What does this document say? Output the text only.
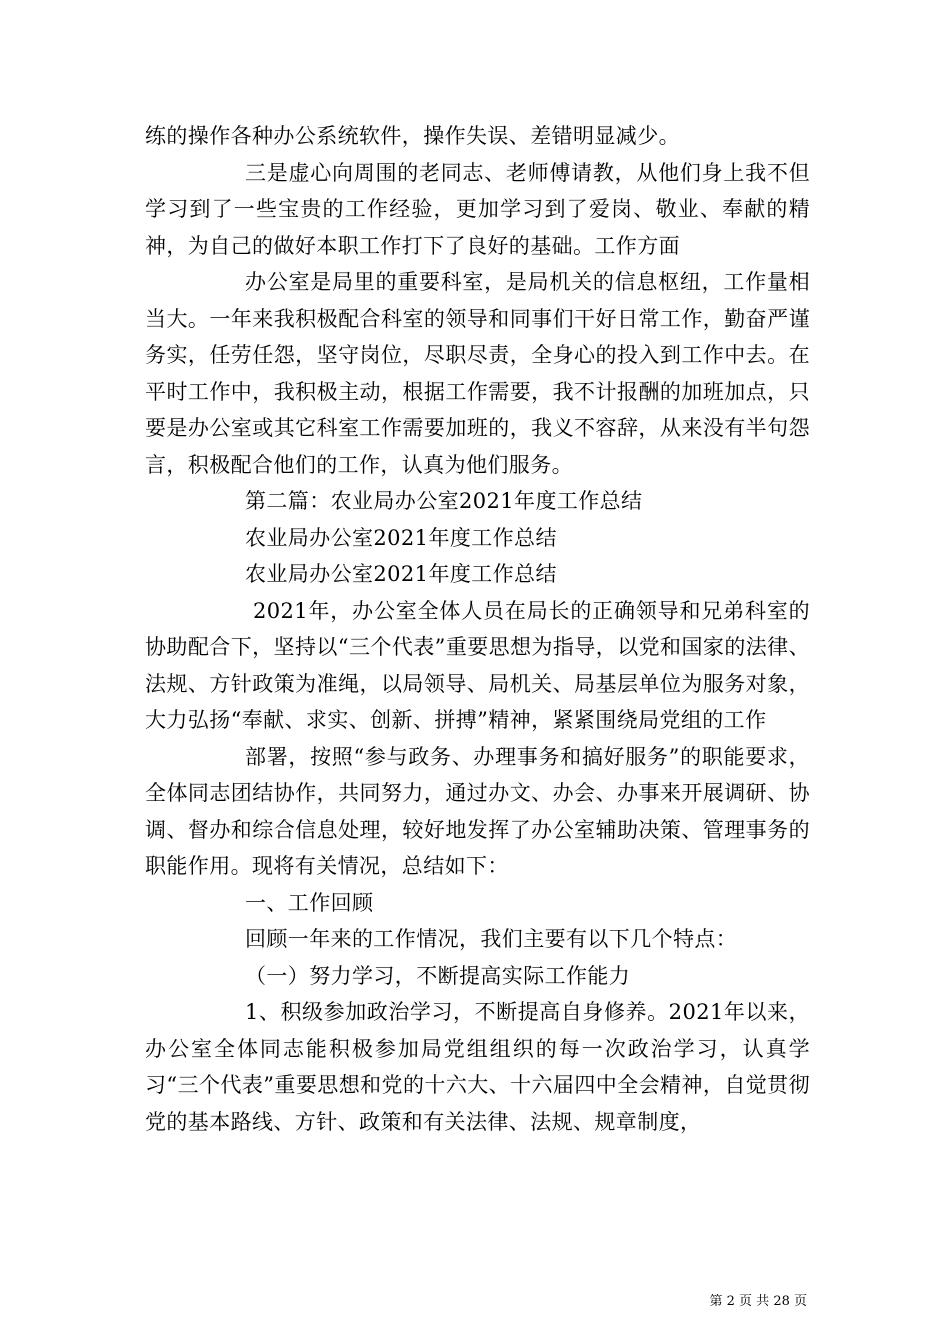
练的操作各种办公系统软件，操作失误、差错明显减少。

三是虚心向周围的老同志、老师傅请教，从他们身上我不但学习到了一些宝贵的工作经验，更加学习到了爱岗、敬业、奉献的精神，为自己的做好本职工作打下了良好的基础。工作方面

办公室是局里的重要科室，是局机关的信息枢纽，工作量相当大。一年来我积极配合科室的领导和同事们干好日常工作，勤奋严谨务实，任劳任怨，坚守岗位，尽职尽责，全身心的投入到工作中去。在平时工作中，我积极主动，根据工作需要，我不计报酬的加班加点，只要是办公室或其它科室工作需要加班的，我义不容辞，从来没有半句怨言，积极配合他们的工作，认真为他们服务。

第二篇：农业局办公室2021年度工作总结

农业局办公室2021年度工作总结

农业局办公室2021年度工作总结

2021年，办公室全体人员在局长的正确领导和兄弟科室的协助配合下，坚持以“三个代表”重要思想为指导，以党和国家的法律、法规、方针政策为准绳，以局领导、局机关、局基层单位为服务对象，大力弘扬“奉献、求实、创新、拼搏”精神，紧紧围绕局党组的工作

部署，按照“参与政务、办理事务和搞好服务”的职能要求，全体同志团结协作，共同努力，通过办文、办会、办事来开展调研、协调、督办和综合信息处理，较好地发挥了办公室辅助决策、管理事务的职能作用。现将有关情况，总结如下：

一、工作回顾

回顾一年来的工作情况，我们主要有以下几个特点：

（一）努力学习，不断提高实际工作能力

1、积级参加政治学习，不断提高自身修养。2021年以来，办公室全体同志能积极参加局党组组织的每一次政治学习，认真学习“三个代表”重要思想和党的十六大、十六届四中全会精神，自觉贯彻党的基本路线、方针、政策和有关法律、法规、规章制度，

第 2 页 共 28 页
